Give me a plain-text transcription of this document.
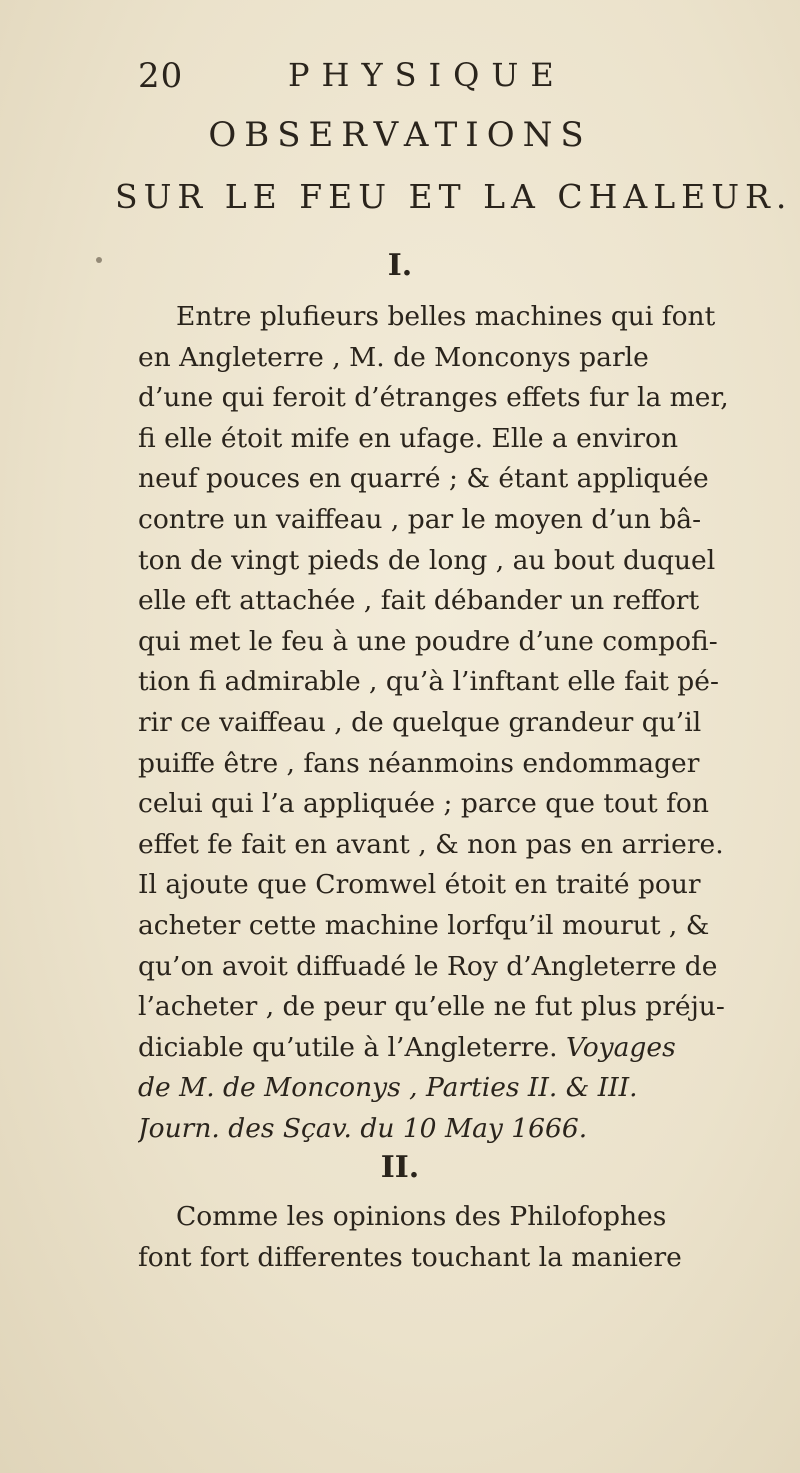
20	PHYSIQUE
OBSERVATIONS
SUR LE FEU ET LA CHALEUR.
I.
Entre plufieurs belles machines qui font
en Angleterre , M. de Monconys parle
d’une qui feroit d’étranges effets fur la mer,
fi elle étoit mife en ufage. Elle a environ
neuf pouces en quarré ; & étant appliquée
contre un vaiffeau , par le moyen d’un bâ-
ton de vingt pieds de long , au bout duquel
elle eft attachée , fait débander un reffort
qui met le feu à une poudre d’une compofi-
tion fi admirable , qu’à l’inftant elle fait pé-
rir ce vaiffeau , de quelque grandeur qu’il
puiffe être , fans néanmoins endommager
celui qui l’a appliquée ; parce que tout fon
effet fe fait en avant , & non pas en arriere.
Il ajoute que Cromwel étoit en traité pour
acheter cette machine lorfqu’il mourut , &
qu’on avoit diffuadé le Roy d’Angleterre de
l’acheter , de peur qu’elle ne fut plus préju-
diciable qu’utile à l’Angleterre. Voyages
de M. de Monconys , Parties II. & III.
Journ. des Sçav. du 10 May 1666.
II.
Comme les opinions des Philofophes
font fort differentes touchant la maniere
